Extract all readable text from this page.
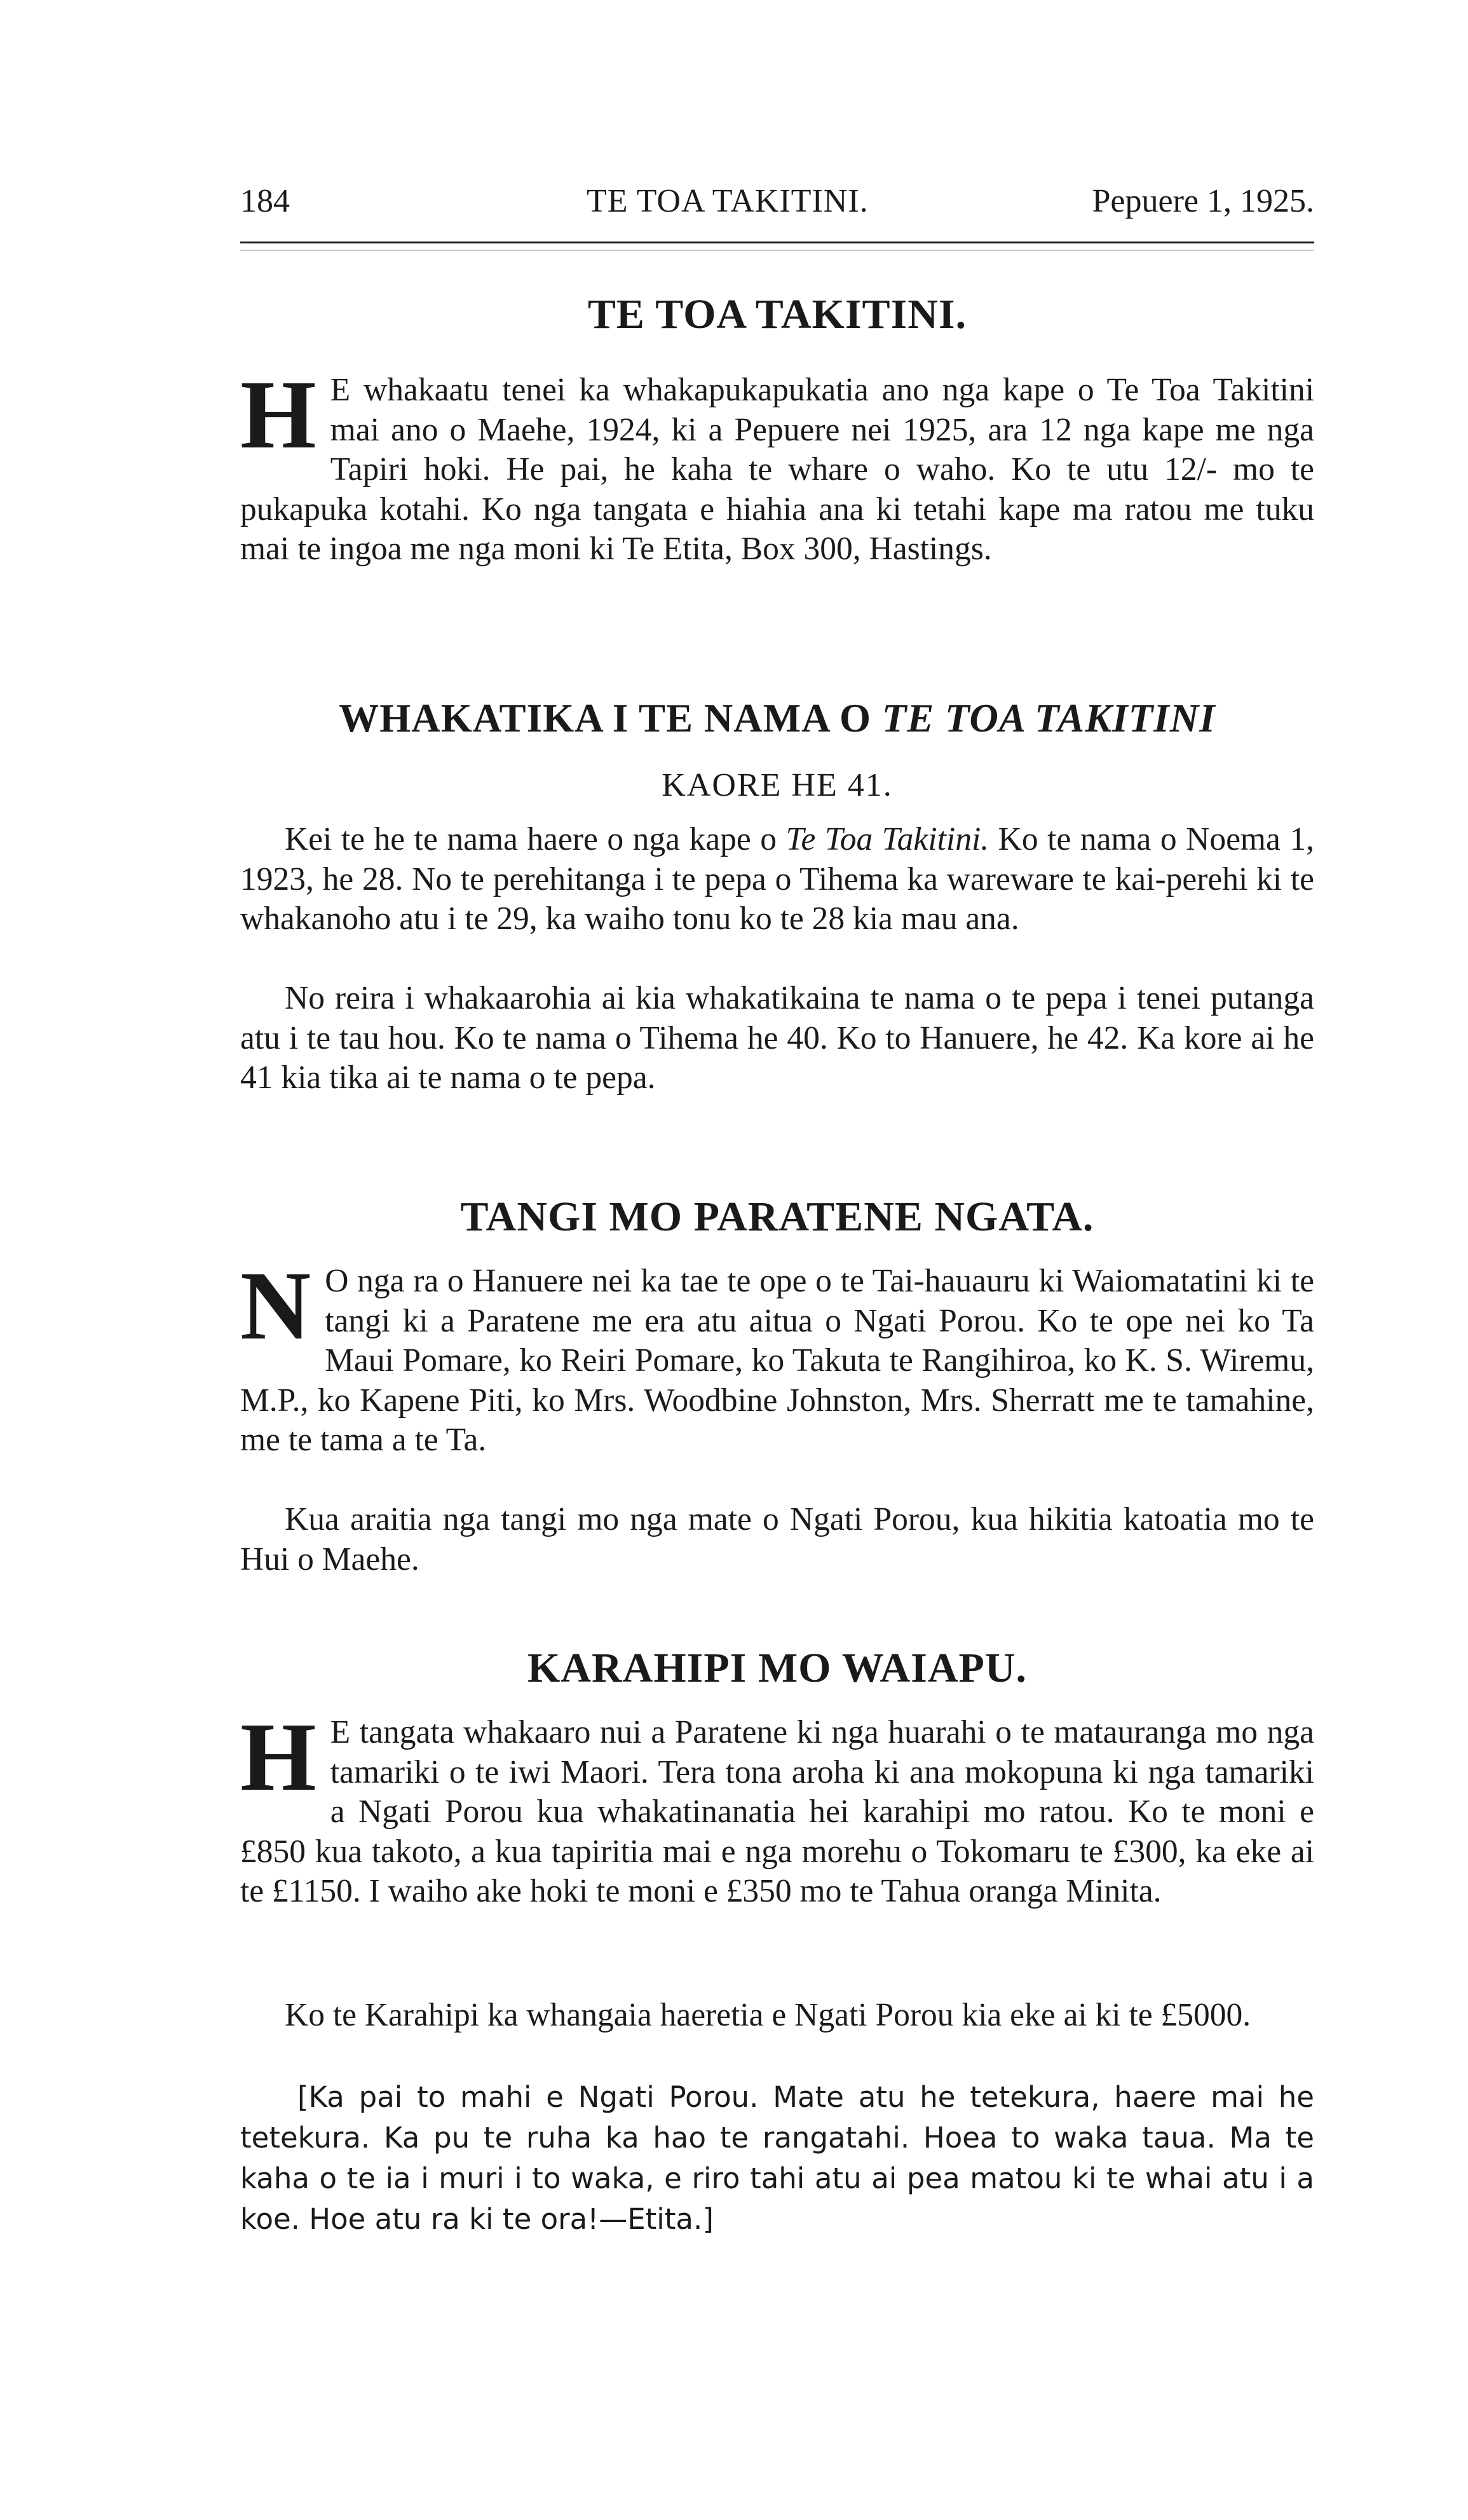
184	TE TOA TAKITINI.	Pepuere 1, 1925.
TE TOA TAKITINI.

H E whakaatu tenei ka whakapukapukatia ano nga kape o Te Toa Takitini mai ano o Maehe, 1924, ki a Pepuere nei 1925, ara 12 nga kape me nga Tapiri hoki. He pai, he kaha te whare o waho. Ko te utu 12/- mo te pukapuka kotahi. Ko nga tangata e hiahia ana ki tetahi kape ma ratou me tuku mai te ingoa me nga moni ki Te Etita, Box 300, Hastings.

WHAKATIKA I TE NAMA O TE TOA TAKITINI

KAORE HE 41.

Kei te he te nama haere o nga kape o Te Toa Takitini. Ko te nama o Noema 1, 1923, he 28. No te perehitanga i te pepa o Tihema ka wareware te kai-perehi ki te whakanoho atu i te 29, ka waiho tonu ko te 28 kia mau ana.

No reira i whakaarohia ai kia whakatikaina te nama o te pepa i tenei putanga atu i te tau hou. Ko te nama o Tihema he 40. Ko to Hanuere, he 42. Ka kore ai he 41 kia tika ai te nama o te pepa.

TANGI MO PARATENE NGATA.

N O nga ra o Hanuere nei ka tae te ope o te Tai-hauauru ki Waiomatatini ki te tangi ki a Paratene me era atu aitua o Ngati Porou. Ko te ope nei ko Ta Maui Pomare, ko Reiri Pomare, ko Takuta te Rangihiroa, ko K. S. Wiremu, M.P., ko Kapene Piti, ko Mrs. Woodbine Johnston, Mrs. Sherratt me te tamahine, me te tama a te Ta.

Kua araitia nga tangi mo nga mate o Ngati Porou, kua hikitia katoatia mo te Hui o Maehe.

KARAHIPI MO WAIAPU.

H E tangata whakaaro nui a Paratene ki nga huarahi o te matauranga mo nga tamariki o te iwi Maori. Tera tona aroha ki ana mokopuna ki nga tamariki a Ngati Porou kua whakatinanatia hei karahipi mo ratou. Ko te moni e £850 kua takoto, a kua tapiritia mai e nga morehu o Tokomaru te £300, ka eke ai te £1150. I waiho ake hoki te moni e £350 mo te Tahua oranga Minita.

Ko te Karahipi ka whangaia haeretia e Ngati Porou kia eke ai ki te £5000.

[Ka pai to mahi e Ngati Porou. Mate atu he tetekura, haere mai he tetekura. Ka pu te ruha ka hao te rangatahi. Hoea to waka taua. Ma te kaha o te ia i muri i to waka, e riro tahi atu ai pea matou ki te whai atu i a koe. Hoe atu ra ki te ora!—Etita.]
